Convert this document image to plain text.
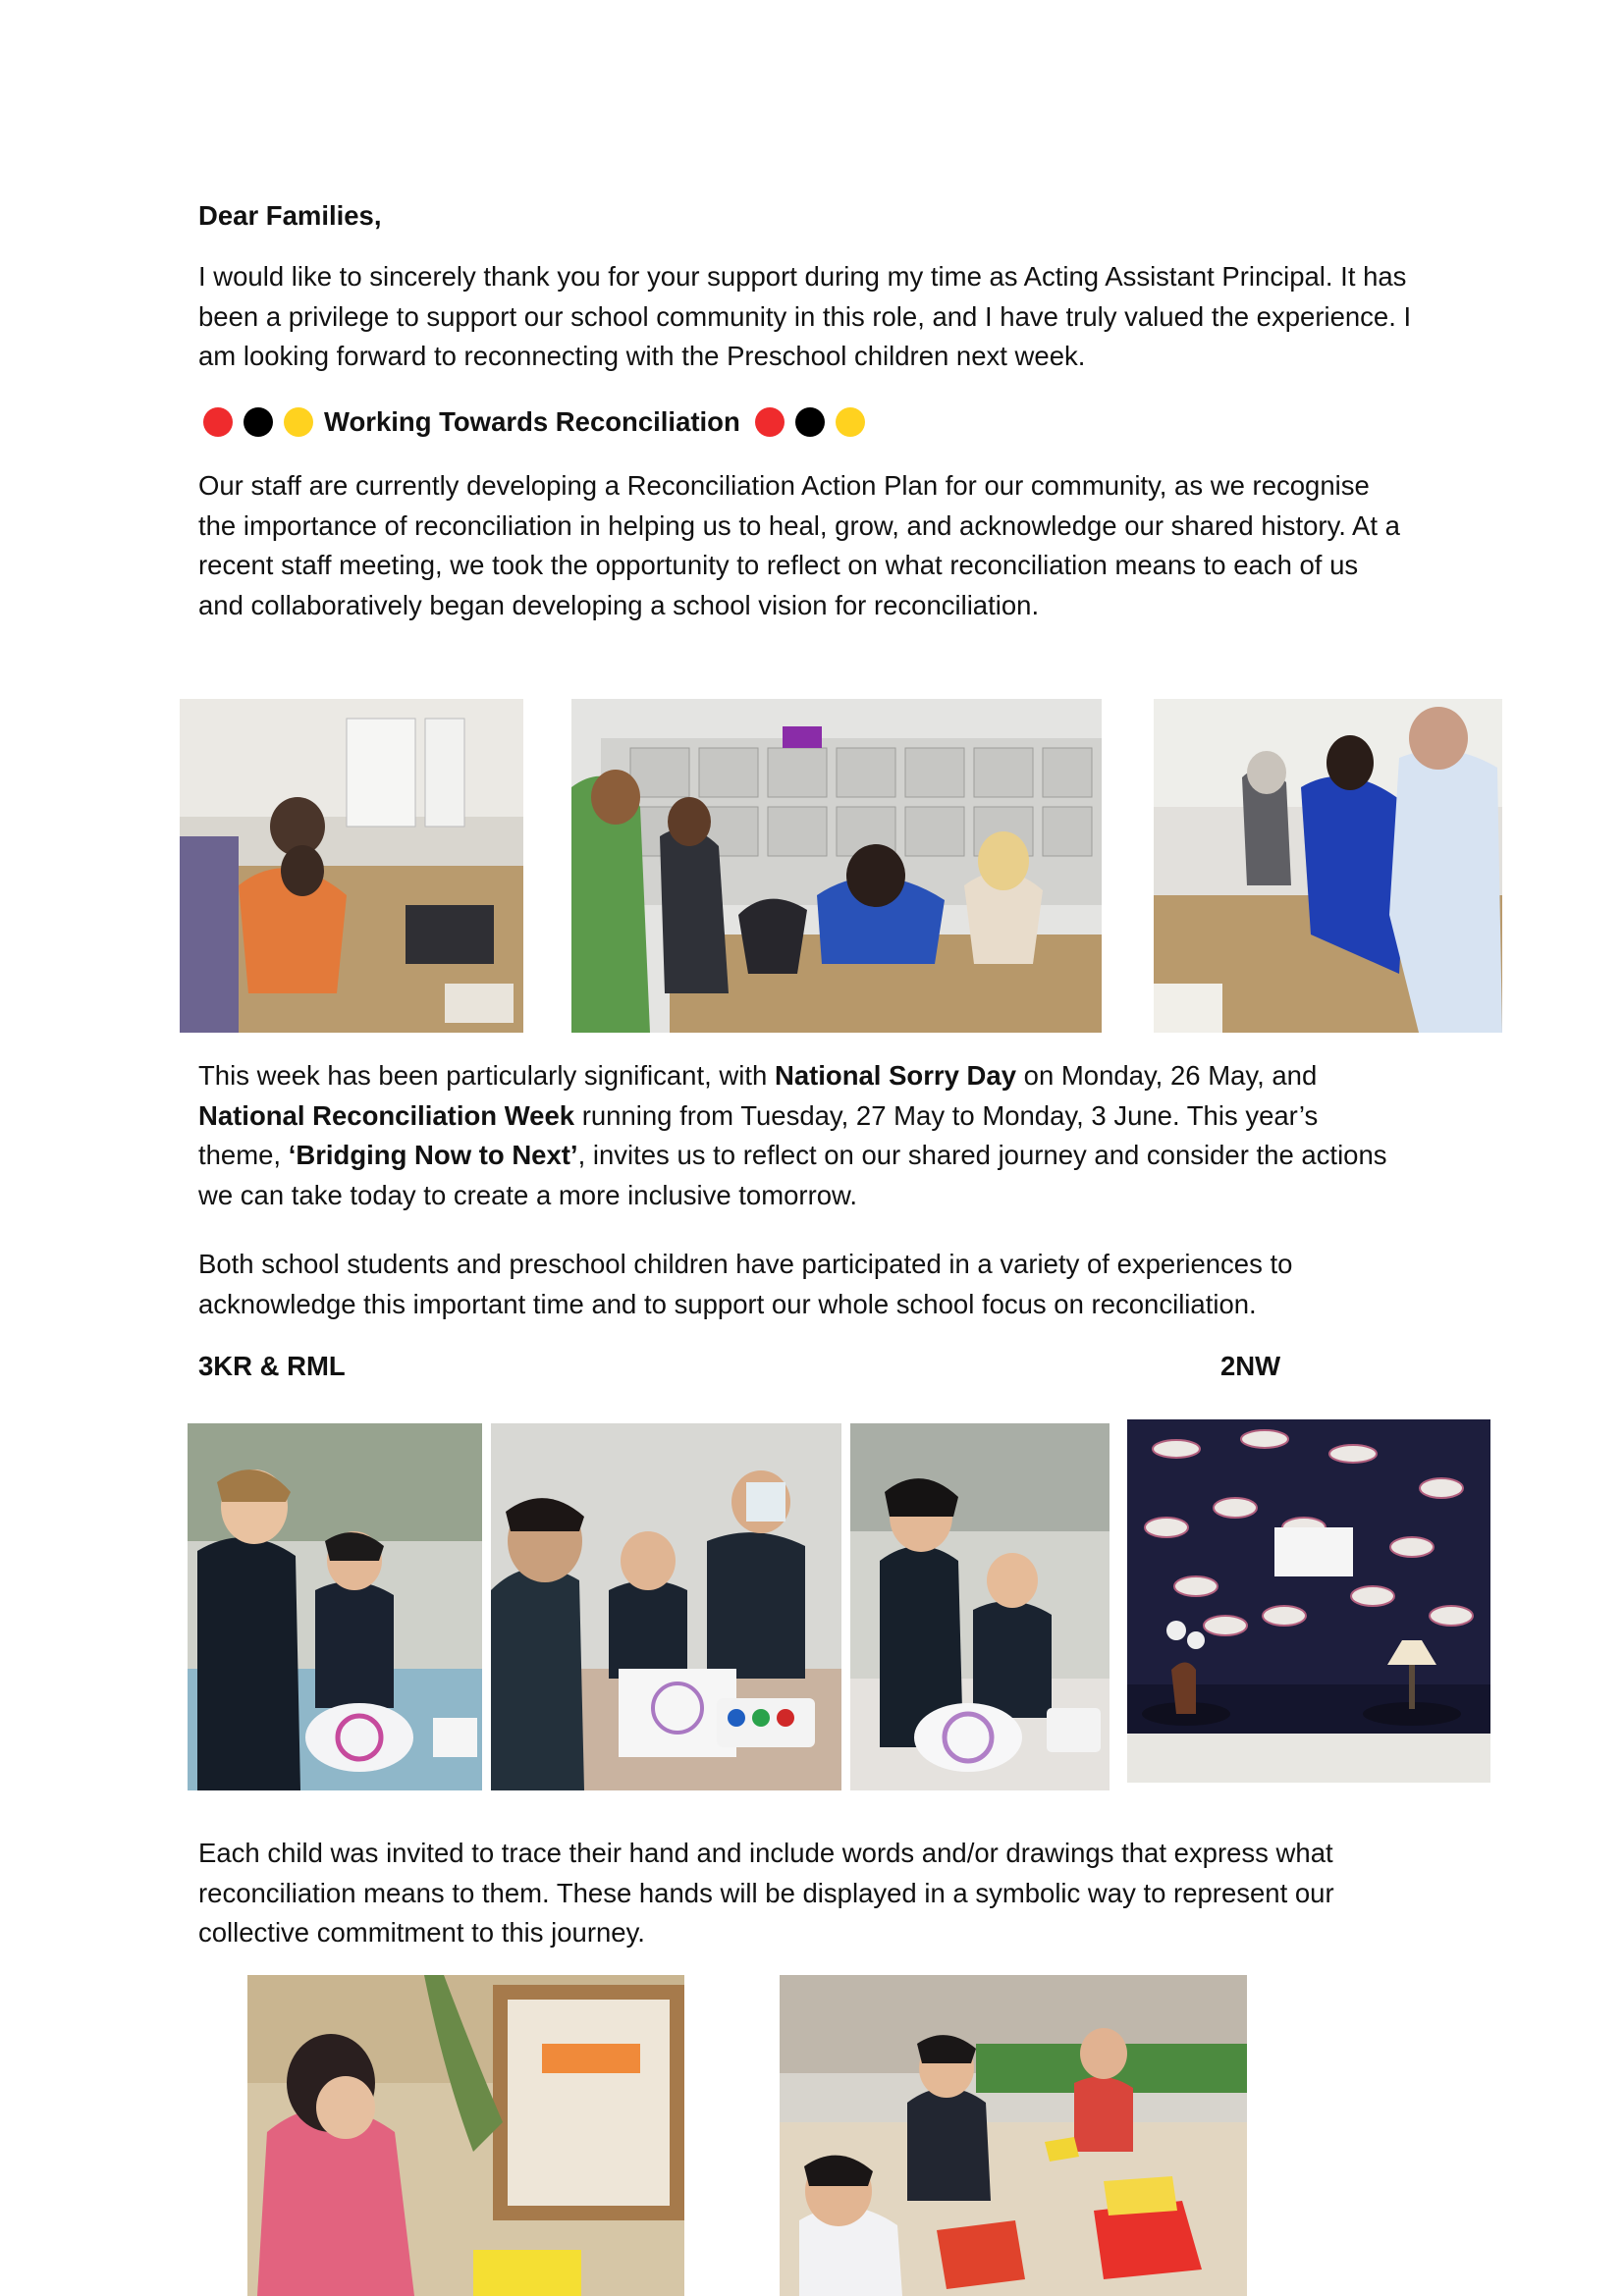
Dear Families,
I would like to sincerely thank you for your support during my time as Acting Assistant Principal. It has been a privilege to support our school community in this role, and I have truly valued the experience. I am looking forward to reconnecting with the Preschool children next week.
Working Towards Reconciliation
Our staff are currently developing a Reconciliation Action Plan for our community, as we recognise the importance of reconciliation in helping us to heal, grow, and acknowledge our shared history. At a recent staff meeting, we took the opportunity to reflect on what reconciliation means to each of us and collaboratively began developing a school vision for reconciliation.
This week has been particularly significant, with National Sorry Day on Monday, 26 May, and National Reconciliation Week running from Tuesday, 27 May to Monday, 3 June. This year’s theme, ‘Bridging Now to Next’, invites us to reflect on our shared journey and consider the actions we can take today to create a more inclusive tomorrow.
Both school students and preschool children have participated in a variety of experiences to acknowledge this important time and to support our whole school focus on reconciliation.
3KR & RML	2NW
Each child was invited to trace their hand and include words and/or drawings that express what reconciliation means to them. These hands will be displayed in a symbolic way to represent our collective commitment to this journey.
